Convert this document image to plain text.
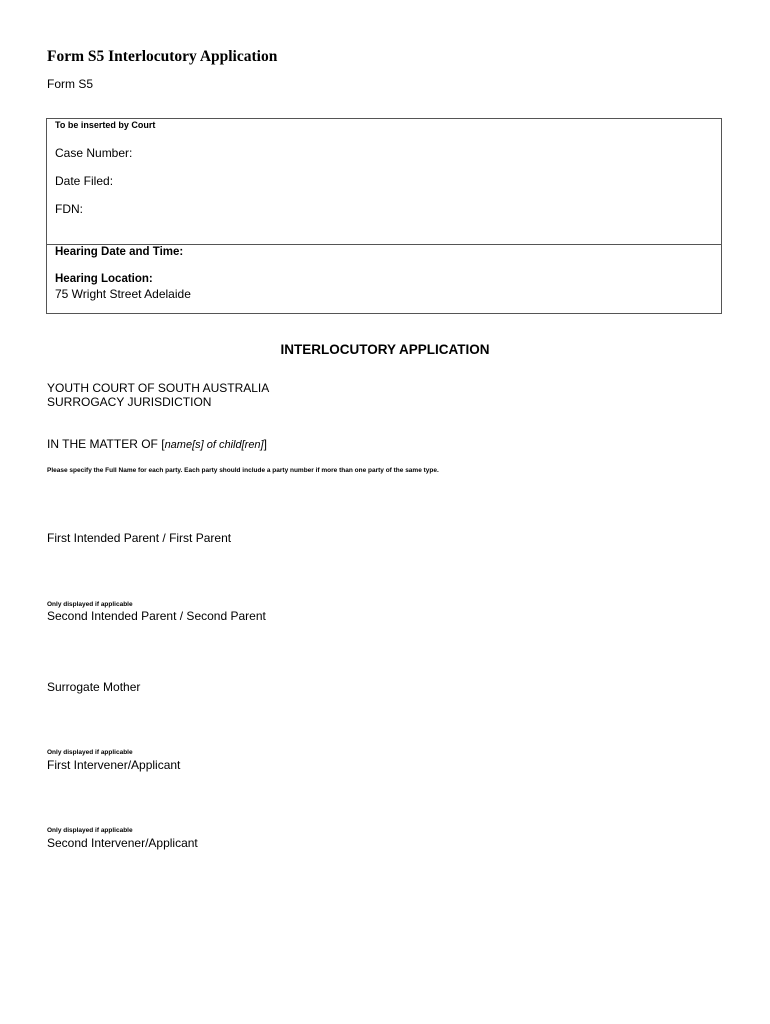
Form S5 Interlocutory Application
Form S5
To be inserted by Court
Case Number:
Date Filed:
FDN:
Hearing Date and Time:
Hearing Location:
75 Wright Street Adelaide
INTERLOCUTORY APPLICATION
YOUTH COURT OF SOUTH AUSTRALIA
SURROGACY JURISDICTION
IN THE MATTER OF [name[s] of child[ren]]
Please specify the Full Name for each party. Each party should include a party number if more than one party of the same type.
First Intended Parent / First Parent
Only displayed if applicable
Second Intended Parent / Second Parent
Surrogate Mother
Only displayed if applicable
First Intervener/Applicant
Only displayed if applicable
Second Intervener/Applicant
